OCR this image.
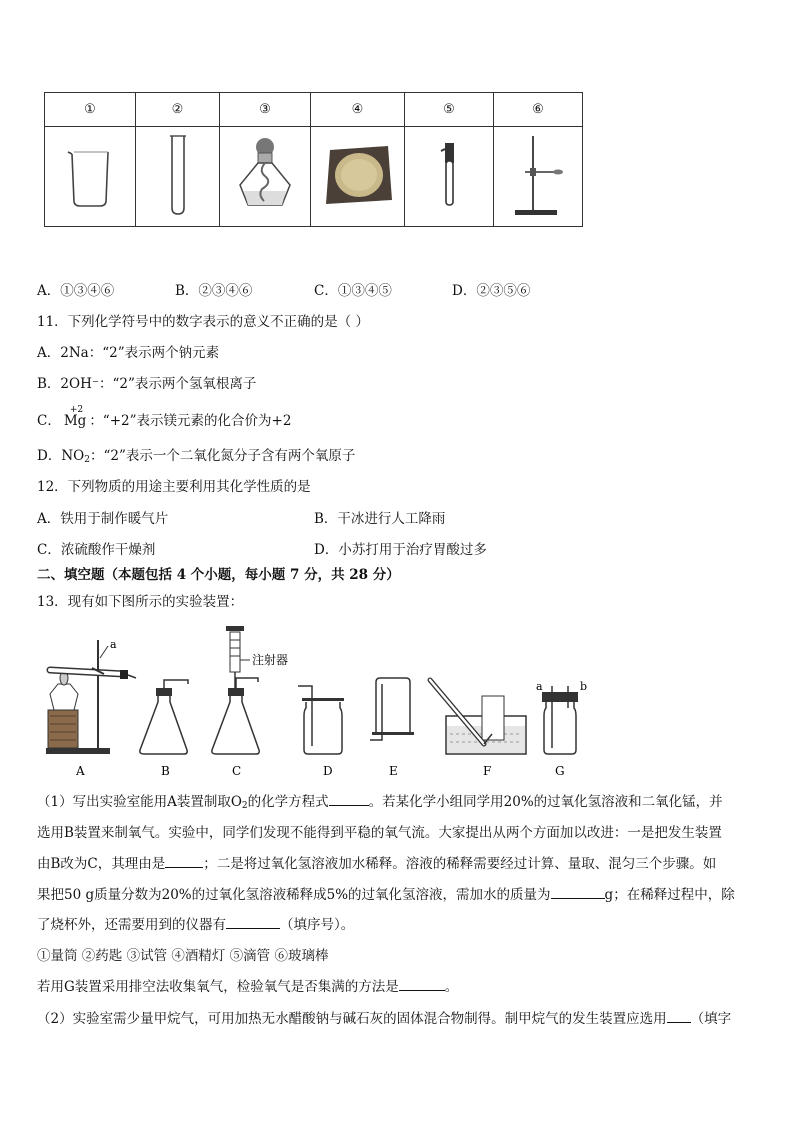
①	②	③	④	⑤	⑥

A．①③④⑥	B．②③④⑥	C．①③④⑤	D．②③⑤⑥
11．下列化学符号中的数字表示的意义不正确的是（ ）
A．2Na：“2”表示两个钠元素
B．2OH⁻：“2”表示两个氢氧根离子
C．
+2
Mg ：“+2”表示镁元素的化合价为+2
D．$NO_2$：“2”表示一个二氧化氮分子含有两个氧原子
12．下列物质的用途主要利用其化学性质的是
A．铁用于制作暖气片	B．干冰进行人工降雨
C．浓硫酸作干燥剂	D．小苏打用于治疗胃酸过多
二、填空题（本题包括 4 个小题，每小题 7 分，共 28 分）
13．现有如下图所示的实验装置：
a
注射器
a	b
A	B	C	D	E	F	G
（1）写出实验室能用A装置制取$O_2$的化学方程式	。若某化学小组同学用20%的过氧化氢溶液和二氧化锰，并
选用B装置来制氧气。实验中，同学们发现不能得到平稳的氧气流。大家提出从两个方面加以改进：一是把发生装置
由B改为C，其理由是	；二是将过氧化氢溶液加水稀释。溶液的稀释需要经过计算、量取、混匀三个步骤。如
果把50 g质量分数为20%的过氧化氢溶液稀释成5%的过氧化氢溶液，需加水的质量为	g；在稀释过程中，除
了烧杯外，还需要用到的仪器有	（填序号）。
①量筒 ②药匙 ③试管 ④酒精灯 ⑤滴管 ⑥玻璃棒
若用G装置采用排空法收集氧气，检验氧气是否集满的方法是	。
（2）实验室需少量甲烷气，可用加热无水醋酸钠与碱石灰的固体混合物制得。制甲烷气的发生装置应选用 （填字
